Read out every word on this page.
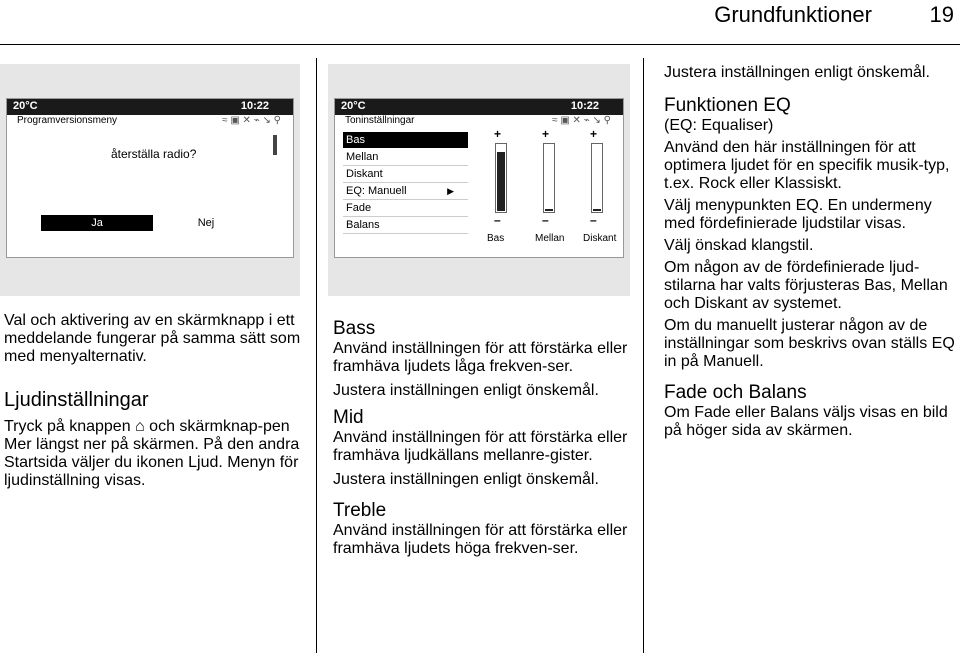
Grundfunktioner	19
20°C	10:22
Programversionsmeny	≈ ▣ ✕ ⌁ ↘ ⚲
återställa radio?
Ja	Nej

Val och aktivering av en skärmknapp i ett meddelande fungerar på samma sätt som med menyalternativ.

Ljudinställningar

Tryck på knappen ⌂ och skärmknap-pen Mer längst ner på skärmen. På den andra Startsida väljer du ikonen Ljud. Menyn för ljudinställning visas.

20°C	10:22
Toninställningar	≈ ▣ ✕ ⌁ ↘ ⚲
Bas
Mellan
Diskant
EQ: Manuell	▶
Fade
Balans
+
–
Bas
+
–
Mellan
+
–
Diskant

Bass

Använd inställningen för att förstärka eller framhäva ljudets låga frekven-ser.

Justera inställningen enligt önskemål.

Mid

Använd inställningen för att förstärka eller framhäva ljudkällans mellanre-gister.

Justera inställningen enligt önskemål.

Treble

Använd inställningen för att förstärka eller framhäva ljudets höga frekven-ser.

Justera inställningen enligt önskemål.

Funktionen EQ

(EQ: Equaliser)

Använd den här inställningen för att optimera ljudet för en specifik musik-typ, t.ex. Rock eller Klassiskt.

Välj menypunkten EQ. En undermeny med fördefinierade ljudstilar visas.

Välj önskad klangstil.

Om någon av de fördefinierade ljud-stilarna har valts förjusteras Bas, Mellan och Diskant av systemet.

Om du manuellt justerar någon av de inställningar som beskrivs ovan ställs EQ in på Manuell.

Fade och Balans

Om Fade eller Balans väljs visas en bild på höger sida av skärmen.
